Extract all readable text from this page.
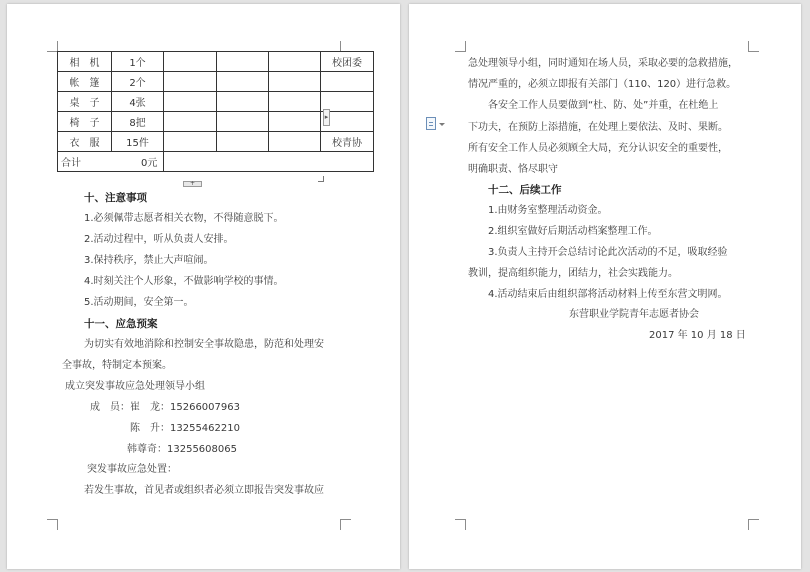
相　机	1个				校团委
帐　篷	2个				
桌　子	4张				
椅　子	8把				
衣　服	15件				校青协
合计 0元					
▸
+
十、注意事项
1.必须佩带志愿者相关衣物，不得随意脱下。
2.活动过程中，听从负责人安排。
3.保持秩序，禁止大声喧闹。
4.时刻关注个人形象，不做影响学校的事情。
5.活动期间，安全第一。
十一、应急预案
为切实有效地消除和控制安全事故隐患，防范和处理安
全事故，特制定本预案。
成立突发事故应急处理领导小组
成　员： 崔　龙：15266007963
陈　升：13255462210
韩尊奇：13255608065
突发事故应急处置：
若发生事故，首见者或组织者必须立即报告突发事故应
急处理领导小组，同时通知在场人员，采取必要的急救措施，
情况严重的，必须立即报有关部门（110、120）进行急救。
各安全工作人员要做到“杜、防、处”并重，在杜绝上
下功夫，在预防上添措施，在处理上要依法、及时、果断。
所有安全工作人员必须顾全大局，充分认识安全的重要性，
明确职责、恪尽职守
十二、后续工作
1.由财务室整理活动资金。
2.组织室做好后期活动档案整理工作。
3.负责人主持开会总结讨论此次活动的不足，吸取经验
教训，提高组织能力，团结力，社会实践能力。
4.活动结束后由组织部将活动材料上传至东营文明网。
东营职业学院青年志愿者协会
2017 年 10 月 18 日
